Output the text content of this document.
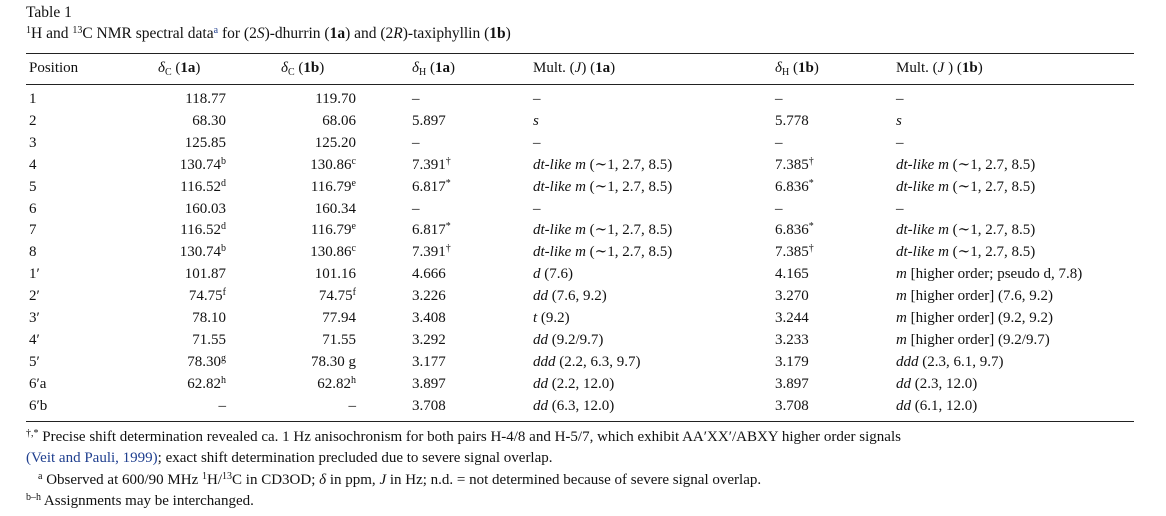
Table 1
$^1$H and $^{13}$C NMR spectral data$^a$ for (2S)-dhurrin (1a) and (2R)-taxiphyllin (1b)
Position	$\delta_C$ (1a)	$\delta_C$ (1b)	$\delta_H$ (1a)	Mult. (J) (1a)	$\delta_H$ (1b)	Mult. (J ) (1b)
1	118.77	119.70	–	–	–	–
2	68.30	68.06	5.897	s	5.778	s
3	125.85	125.20	–	–	–	–
4	130.74$^b$	130.86$^c$	7.391†	dt-like m (∼1, 2.7, 8.5)	7.385†	dt-like m (∼1, 2.7, 8.5)
5	116.52$^d$	116.79e	6.817*	dt-like m (∼1, 2.7, 8.5)	6.836*	dt-like m (∼1, 2.7, 8.5)
6	160.03	160.34	–	–	–	–
7	116.52$^d$	116.79e	6.817*	dt-like m (∼1, 2.7, 8.5)	6.836*	dt-like m (∼1, 2.7, 8.5)
8	130.74$^b$	130.86$^c$	7.391†	dt-like m (∼1, 2.7, 8.5)	7.385†	dt-like m (∼1, 2.7, 8.5)
1′	101.87	101.16	4.666	d (7.6)	4.165	m [higher order; pseudo d, 7.8)
2′	74.75$^f$	74.75$^f$	3.226	dd (7.6, 9.2)	3.270	m [higher order] (7.6, 9.2)
3′	78.10	77.94	3.408	t (9.2)	3.244	m [higher order] (9.2, 9.2)
4′	71.55	71.55	3.292	dd (9.2/9.7)	3.233	m [higher order] (9.2/9.7)
5′	78.30$^g$	78.30 g	3.177	ddd (2.2, 6.3, 9.7)	3.179	ddd (2.3, 6.1, 9.7)
6′a	62.82$^h$	62.82$^h$	3.897	dd (2.2, 12.0)	3.897	dd (2.3, 12.0)
6′b	–	–	3.708	dd (6.3, 12.0)	3.708	dd (6.1, 12.0)
†,* Precise shift determination revealed ca. 1 Hz anisochronism for both pairs H-4/8 and H-5/7, which exhibit AA′XX′/ABXY higher order signals
(Veit and Pauli, 1999); exact shift determination precluded due to severe signal overlap.
$^a$ Observed at 600/90 MHz $^1$H/$^{13}$C in CD3OD; δ in ppm, J in Hz; n.d. = not determined because of severe signal overlap.
$^{b-h}$ Assignments may be interchanged.
